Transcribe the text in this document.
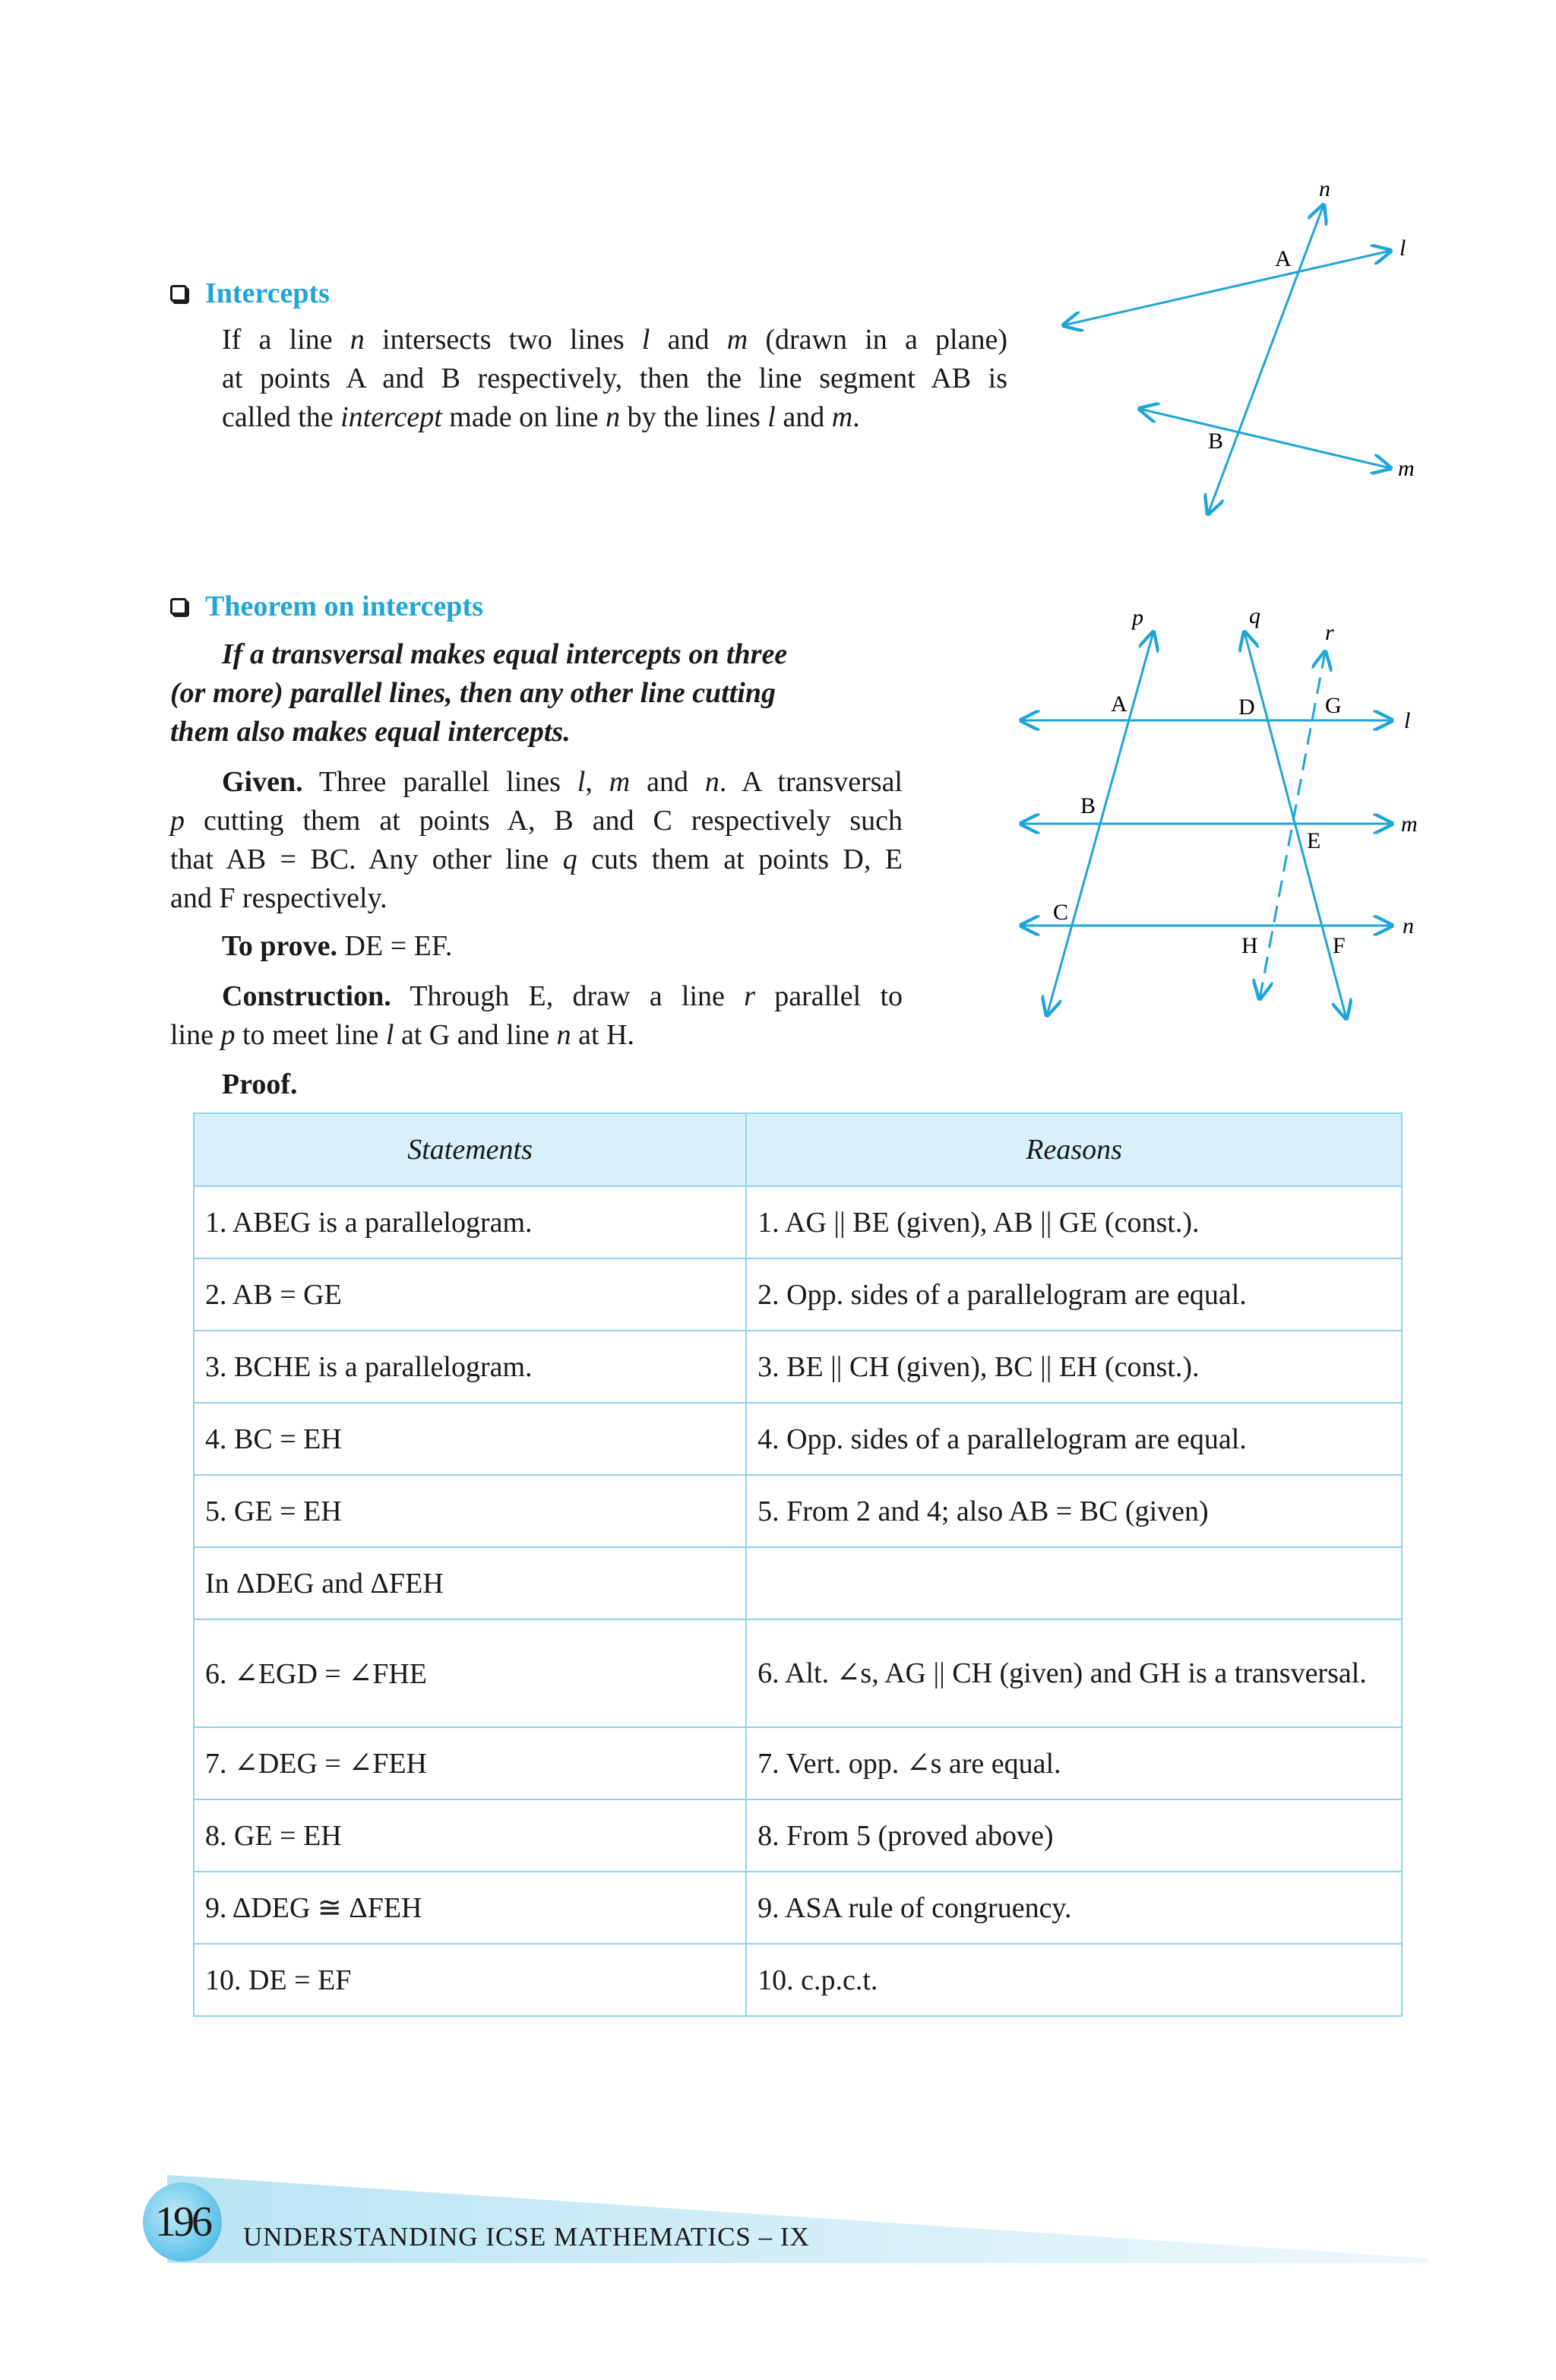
Intercepts
If a line n intersects two lines l and m (drawn in a plane)
at points A and B respectively, then the line segment AB is
called the intercept made on line n by the lines l and m.
n
l
m
A
B
Theorem on intercepts
If a transversal makes equal intercepts on three
(or more) parallel lines, then any other line cutting
them also makes equal intercepts.
Given. Three parallel lines l, m and n. A transversal
p cutting them at points A, B and C respectively such
that AB = BC. Any other line q cuts them at points D, E
and F respectively.
To prove. DE = EF.
Construction. Through E, draw a line r parallel to
line p to meet line l at G and line n at H.
Proof.
p	q
r
l
m
n
A
B
C
D
E
F
G
H
Statements	Reasons
1. ABEG is a parallelogram.	1. AG || BE (given), AB || GE (const.).
2. AB = GE	2. Opp. sides of a parallelogram are equal.
3. BCHE is a parallelogram.	3. BE || CH (given), BC || EH (const.).
4. BC = EH	4. Opp. sides of a parallelogram are equal.
5. GE = EH	5. From 2 and 4; also AB = BC (given)
In ΔDEG and ΔFEH	
6. ∠EGD = ∠FHE	6. Alt. ∠s, AG || CH (given) and GH is a transversal.
7. ∠DEG = ∠FEH	7. Vert. opp. ∠s are equal.
8. GE = EH	8. From 5 (proved above)
9. ΔDEG ≅ ΔFEH	9. ASA rule of congruency.
10. DE = EF	10. c.p.c.t.
196	UNDERSTANDING ICSE MATHEMATICS – IX
